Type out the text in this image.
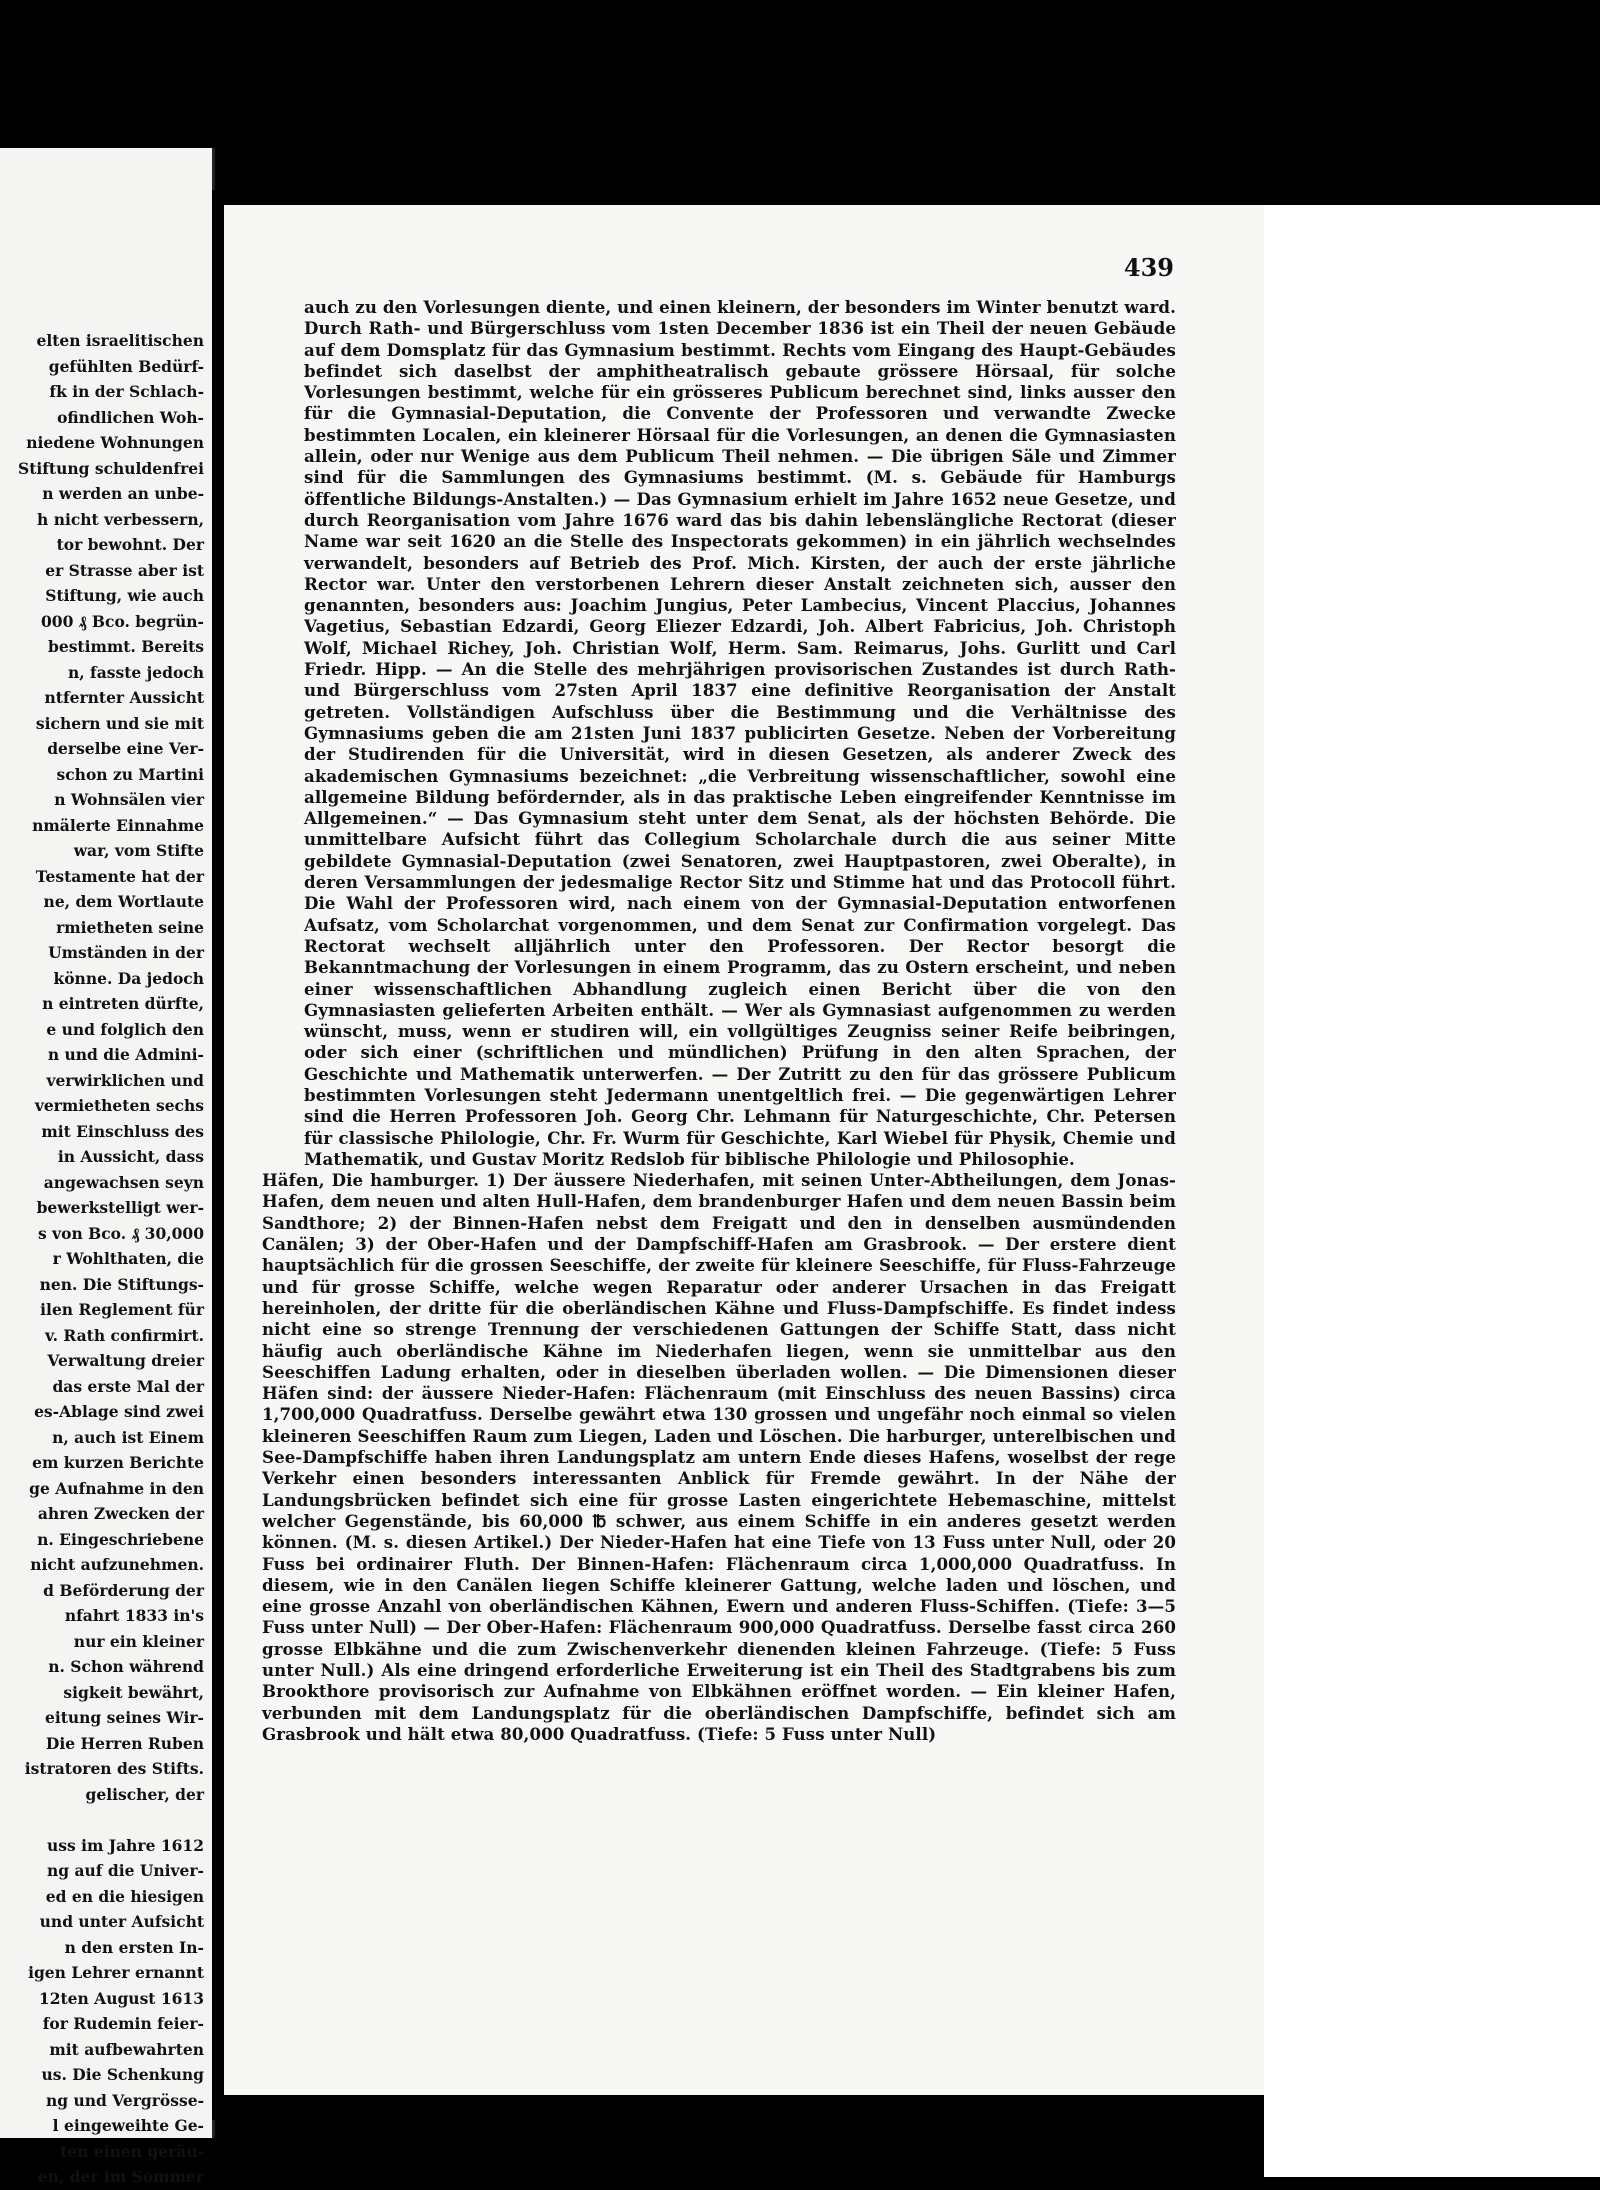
elten israelitischen
gefühlten Bedürf-
fk in der Schlach-
ofindlichen Woh-
niedene Wohnungen
Stiftung schuldenfrei
n werden an unbe-
h nicht verbessern,
tor bewohnt. Der
er Strasse aber ist
Stiftung, wie auch
000 ₰ Bco. begrün-
bestimmt. Bereits
n, fasste jedoch
ntfernter Aussicht
sichern und sie mit
derselbe eine Ver-
schon zu Martini
n Wohnsälen vier
nmälerte Einnahme
war, vom Stifte
Testamente hat der
ne, dem Wortlaute
rmietheten seine
Umständen in der
könne. Da jedoch
n eintreten dürfte,
e und folglich den
n und die Admini-
verwirklichen und
vermietheten sechs
mit Einschluss des
in Aussicht, dass
angewachsen seyn
bewerkstelligt wer-
s von Bco. ₰ 30,000
r Wohlthaten, die
nen. Die Stiftungs-
ilen Reglement für
v. Rath confirmirt.
Verwaltung dreier
das erste Mal der
es-Ablage sind zwei
n, auch ist Einem
em kurzen Berichte
ge Aufnahme in den
ahren Zwecken der
n. Eingeschriebene
nicht aufzunehmen.
d Beförderung der
nfahrt 1833 in's
nur ein kleiner
n. Schon während
sigkeit bewährt,
eitung seines Wir-
Die Herren Ruben
istratoren des Stifts.
gelischer, der
uss im Jahre 1612
ng auf die Univer-
ed en die hiesigen
und unter Aufsicht
n den ersten In-
igen Lehrer ernannt
12ten August 1613
for Rudemin feier-
mit aufbewahrten
us. Die Schenkung
ng und Vergrösse-
l eingeweihte Ge-
ten einen geräu-
en, der im Sommer
439

auch zu den Vorlesungen diente, und einen kleinern, der besonders im Winter benutzt ward. Durch Rath- und Bürgerschluss vom 1sten December 1836 ist ein Theil der neuen Gebäude auf dem Domsplatz für das Gymnasium bestimmt. Rechts vom Eingang des Haupt-Gebäudes befindet sich daselbst der amphitheatralisch gebaute grössere Hörsaal, für solche Vorlesungen bestimmt, welche für ein grösseres Publicum berechnet sind, links ausser den für die Gymnasial-Deputation, die Convente der Professoren und verwandte Zwecke bestimmten Localen, ein kleinerer Hörsaal für die Vorlesungen, an denen die Gymnasiasten allein, oder nur Wenige aus dem Publicum Theil nehmen. — Die übrigen Säle und Zimmer sind für die Sammlungen des Gymnasiums bestimmt. (M. s. Gebäude für Hamburgs öffentliche Bildungs-Anstalten.) — Das Gymnasium erhielt im Jahre 1652 neue Gesetze, und durch Reorganisation vom Jahre 1676 ward das bis dahin lebenslängliche Rectorat (dieser Name war seit 1620 an die Stelle des Inspectorats gekommen) in ein jährlich wechselndes verwandelt, besonders auf Betrieb des Prof. Mich. Kirsten, der auch der erste jährliche Rector war. Unter den verstorbenen Lehrern dieser Anstalt zeichneten sich, ausser den genannten, besonders aus: Joachim Jungius, Peter Lambecius, Vincent Placcius, Johannes Vagetius, Sebastian Edzardi, Georg Eliezer Edzardi, Joh. Albert Fabricius, Joh. Christoph Wolf, Michael Richey, Joh. Christian Wolf, Herm. Sam. Reimarus, Johs. Gurlitt und Carl Friedr. Hipp. — An die Stelle des mehrjährigen provisorischen Zustandes ist durch Rath- und Bürgerschluss vom 27sten April 1837 eine definitive Reorganisation der Anstalt getreten. Vollständigen Aufschluss über die Bestimmung und die Verhältnisse des Gymnasiums geben die am 21sten Juni 1837 publicirten Gesetze. Neben der Vorbereitung der Studirenden für die Universität, wird in diesen Gesetzen, als anderer Zweck des akademischen Gymnasiums bezeichnet: „die Verbreitung wissenschaftlicher, sowohl eine allgemeine Bildung befördernder, als in das praktische Leben eingreifender Kenntnisse im Allgemeinen.“ — Das Gymnasium steht unter dem Senat, als der höchsten Behörde. Die unmittelbare Aufsicht führt das Collegium Scholarchale durch die aus seiner Mitte gebildete Gymnasial-Deputation (zwei Senatoren, zwei Hauptpastoren, zwei Oberalte), in deren Versammlungen der jedesmalige Rector Sitz und Stimme hat und das Protocoll führt. Die Wahl der Professoren wird, nach einem von der Gymnasial-Deputation entworfenen Aufsatz, vom Scholarchat vorgenommen, und dem Senat zur Confirmation vorgelegt. Das Rectorat wechselt alljährlich unter den Professoren. Der Rector besorgt die Bekanntmachung der Vorlesungen in einem Programm, das zu Ostern erscheint, und neben einer wissenschaftlichen Abhandlung zugleich einen Bericht über die von den Gymnasiasten gelieferten Arbeiten enthält. — Wer als Gymnasiast aufgenommen zu werden wünscht, muss, wenn er studiren will, ein vollgültiges Zeugniss seiner Reife beibringen, oder sich einer (schriftlichen und mündlichen) Prüfung in den alten Sprachen, der Geschichte und Mathematik unterwerfen. — Der Zutritt zu den für das grössere Publicum bestimmten Vorlesungen steht Jedermann unentgeltlich frei. — Die gegenwärtigen Lehrer sind die Herren Professoren Joh. Georg Chr. Lehmann für Naturgeschichte, Chr. Petersen für classische Philologie, Chr. Fr. Wurm für Geschichte, Karl Wiebel für Physik, Chemie und Mathematik, und Gustav Moritz Redslob für biblische Philologie und Philosophie.

Häfen, Die hamburger. 1) Der äussere Niederhafen, mit seinen Unter-Abtheilungen, dem Jonas-Hafen, dem neuen und alten Hull-Hafen, dem brandenburger Hafen und dem neuen Bassin beim Sandthore; 2) der Binnen-Hafen nebst dem Freigatt und den in denselben ausmündenden Canälen; 3) der Ober-Hafen und der Dampfschiff-Hafen am Grasbrook. — Der erstere dient hauptsächlich für die grossen Seeschiffe, der zweite für kleinere Seeschiffe, für Fluss-Fahrzeuge und für grosse Schiffe, welche wegen Reparatur oder anderer Ursachen in das Freigatt hereinholen, der dritte für die oberländischen Kähne und Fluss-Dampfschiffe. Es findet indess nicht eine so strenge Trennung der verschiedenen Gattungen der Schiffe Statt, dass nicht häufig auch oberländische Kähne im Niederhafen liegen, wenn sie unmittelbar aus den Seeschiffen Ladung erhalten, oder in dieselben überladen wollen. — Die Dimensionen dieser Häfen sind: der äussere Nieder-Hafen: Flächenraum (mit Einschluss des neuen Bassins) circa 1,700,000 Quadratfuss. Derselbe gewährt etwa 130 grossen und ungefähr noch einmal so vielen kleineren Seeschiffen Raum zum Liegen, Laden und Löschen. Die harburger, unterelbischen und See-Dampfschiffe haben ihren Landungsplatz am untern Ende dieses Hafens, woselbst der rege Verkehr einen besonders interessanten Anblick für Fremde gewährt. In der Nähe der Landungsbrücken befindet sich eine für grosse Lasten eingerichtete Hebemaschine, mittelst welcher Gegenstände, bis 60,000 ℔ schwer, aus einem Schiffe in ein anderes gesetzt werden können. (M. s. diesen Artikel.) Der Nieder-Hafen hat eine Tiefe von 13 Fuss unter Null, oder 20 Fuss bei ordinairer Fluth. Der Binnen-Hafen: Flächenraum circa 1,000,000 Quadratfuss. In diesem, wie in den Canälen liegen Schiffe kleinerer Gattung, welche laden und löschen, und eine grosse Anzahl von oberländischen Kähnen, Ewern und anderen Fluss-Schiffen. (Tiefe: 3—5 Fuss unter Null) — Der Ober-Hafen: Flächenraum 900,000 Quadratfuss. Derselbe fasst circa 260 grosse Elbkähne und die zum Zwischenverkehr dienenden kleinen Fahrzeuge. (Tiefe: 5 Fuss unter Null.) Als eine dringend erforderliche Erweiterung ist ein Theil des Stadtgrabens bis zum Brookthore provisorisch zur Aufnahme von Elbkähnen eröffnet worden. — Ein kleiner Hafen, verbunden mit dem Landungsplatz für die oberländischen Dampfschiffe, befindet sich am Grasbrook und hält etwa 80,000 Quadratfuss. (Tiefe: 5 Fuss unter Null)
